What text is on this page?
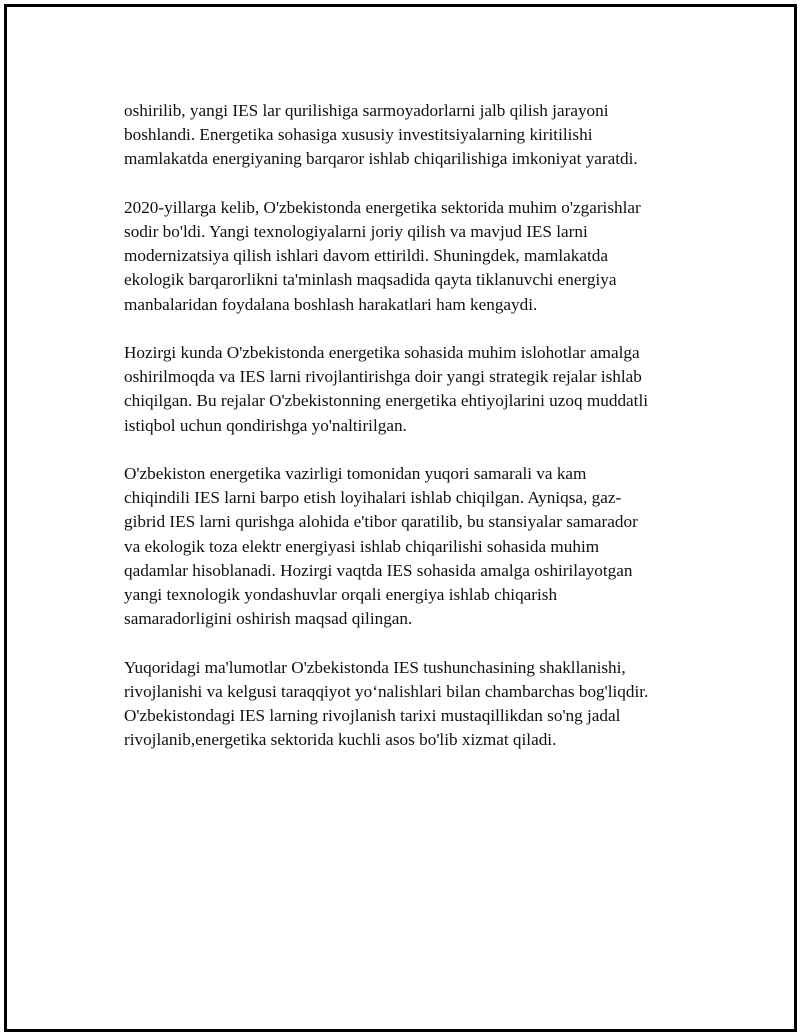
oshirilib, yangi IES lar qurilishiga sarmoyadorlarni jalb qilish jarayoni
boshlandi. Energetika sohasiga xususiy investitsiyalarning kiritilishi
mamlakatda energiyaning barqaror ishlab chiqarilishiga imkoniyat yaratdi.

2020-yillarga kelib, O'zbekistonda energetika sektorida muhim o'zgarishlar
sodir bo'ldi. Yangi texnologiyalarni joriy qilish va mavjud IES larni
modernizatsiya qilish ishlari davom ettirildi. Shuningdek, mamlakatda
ekologik barqarorlikni ta'minlash maqsadida qayta tiklanuvchi energiya
manbalaridan foydalana boshlash harakatlari ham kengaydi.

Hozirgi kunda O'zbekistonda energetika sohasida muhim islohotlar amalga
oshirilmoqda va IES larni rivojlantirishga doir yangi strategik rejalar ishlab
chiqilgan. Bu rejalar O'zbekistonning energetika ehtiyojlarini uzoq muddatli
istiqbol uchun qondirishga yo'naltirilgan.

O'zbekiston energetika vazirligi tomonidan yuqori samarali va kam
chiqindili IES larni barpo etish loyihalari ishlab chiqilgan. Ayniqsa, gaz-
gibrid IES larni qurishga alohida e'tibor qaratilib, bu stansiyalar samarador
va ekologik toza elektr energiyasi ishlab chiqarilishi sohasida muhim
qadamlar hisoblanadi. Hozirgi vaqtda IES sohasida amalga oshirilayotgan
yangi texnologik yondashuvlar orqali energiya ishlab chiqarish
samaradorligini oshirish maqsad qilingan.

Yuqoridagi ma'lumotlar O'zbekistonda IES tushunchasining shakllanishi,
rivojlanishi va kelgusi taraqqiyot yo‘nalishlari bilan chambarchas bog'liqdir.
O'zbekistondagi IES larning rivojlanish tarixi mustaqillikdan so'ng jadal
rivojlanib,energetika sektorida kuchli asos bo'lib xizmat qiladi.
